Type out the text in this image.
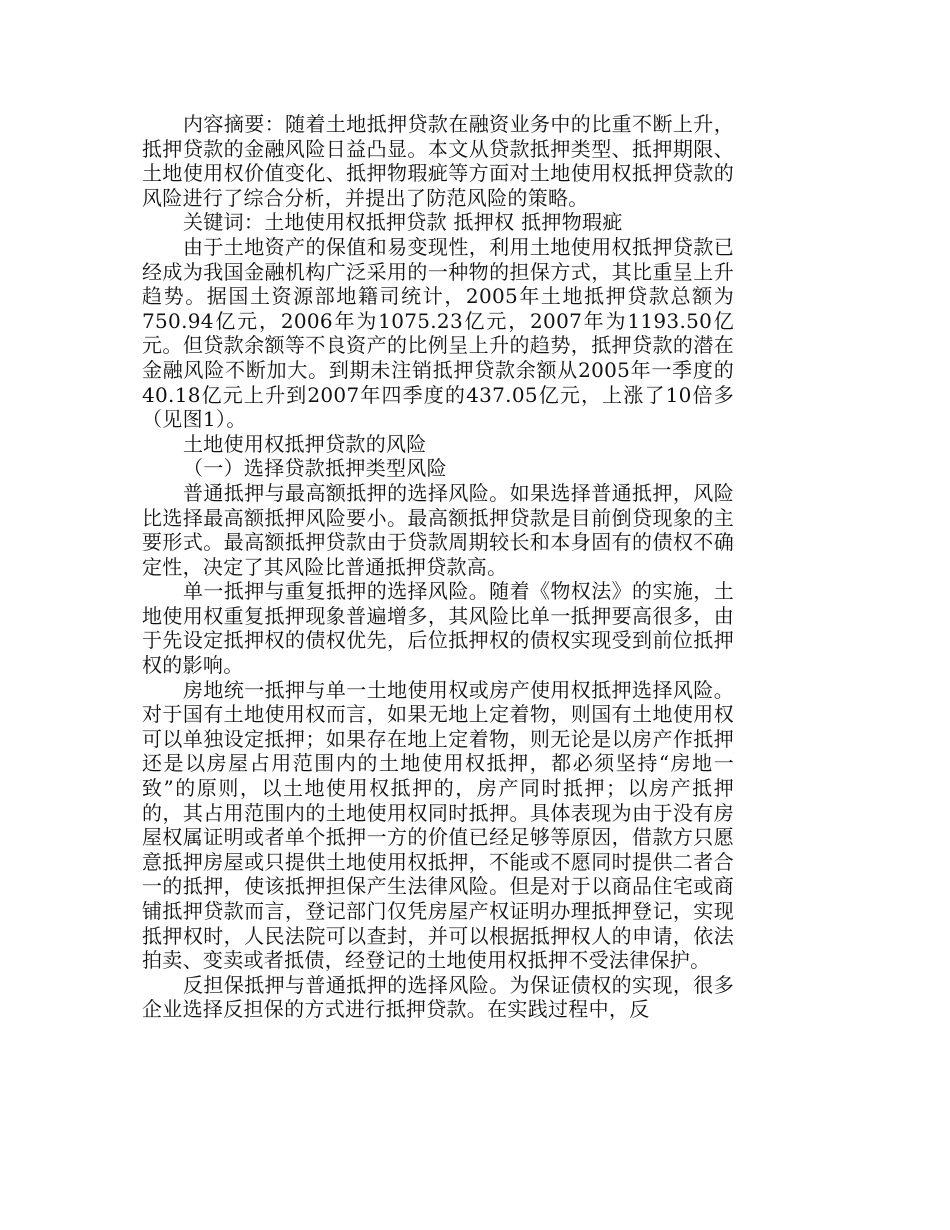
内容摘要：随着土地抵押贷款在融资业务中的比重不断上升，抵押贷款的金融风险日益凸显。本文从贷款抵押类型、抵押期限、土地使用权价值变化、抵押物瑕疵等方面对土地使用权抵押贷款的风险进行了综合分析，并提出了防范风险的策略。

关键词：土地使用权抵押贷款 抵押权 抵押物瑕疵

由于土地资产的保值和易变现性，利用土地使用权抵押贷款已经成为我国金融机构广泛采用的一种物的担保方式，其比重呈上升趋势。据国土资源部地籍司统计，2005年土地抵押贷款总额为750.94亿元，2006年为1075.23亿元，2007年为1193.50亿元。但贷款余额等不良资产的比例呈上升的趋势，抵押贷款的潜在金融风险不断加大。到期未注销抵押贷款余额从2005年一季度的40.18亿元上升到2007年四季度的437.05亿元，上涨了10倍多（见图1）。

土地使用权抵押贷款的风险

（一）选择贷款抵押类型风险

普通抵押与最高额抵押的选择风险。如果选择普通抵押，风险比选择最高额抵押风险要小。最高额抵押贷款是目前倒贷现象的主要形式。最高额抵押贷款由于贷款周期较长和本身固有的债权不确定性，决定了其风险比普通抵押贷款高。

单一抵押与重复抵押的选择风险。随着《物权法》的实施，土地使用权重复抵押现象普遍增多，其风险比单一抵押要高很多，由于先设定抵押权的债权优先，后位抵押权的债权实现受到前位抵押权的影响。

房地统一抵押与单一土地使用权或房产使用权抵押选择风险。对于国有土地使用权而言，如果无地上定着物，则国有土地使用权可以单独设定抵押；如果存在地上定着物，则无论是以房产作抵押还是以房屋占用范围内的土地使用权抵押，都必须坚持“房地一致”的原则，以土地使用权抵押的，房产同时抵押；以房产抵押的，其占用范围内的土地使用权同时抵押。具体表现为由于没有房屋权属证明或者单个抵押一方的价值已经足够等原因，借款方只愿意抵押房屋或只提供土地使用权抵押，不能或不愿同时提供二者合一的抵押，使该抵押担保产生法律风险。但是对于以商品住宅或商铺抵押贷款而言，登记部门仅凭房屋产权证明办理抵押登记，实现抵押权时，人民法院可以查封，并可以根据抵押权人的申请，依法拍卖、变卖或者抵债，经登记的土地使用权抵押不受法律保护。

反担保抵押与普通抵押的选择风险。为保证债权的实现，很多企业选择反担保的方式进行抵押贷款。在实践过程中，反
